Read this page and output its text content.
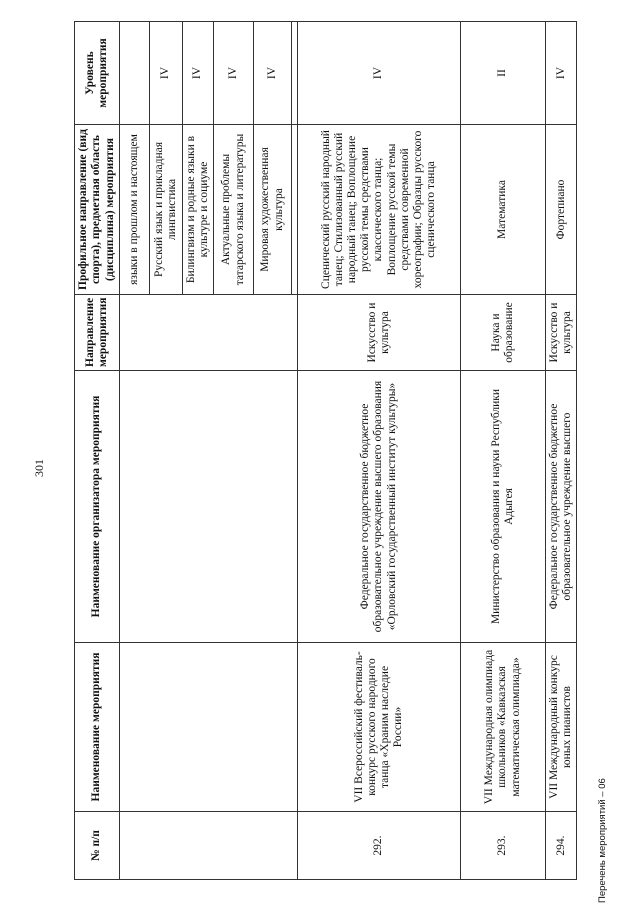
301
№ п/п	Наименование мероприятия	Наименование организатора мероприятия	Направление мероприятия	Профильное направление (вид спорта), предметная область (дисциплина) мероприятия	Уровень мероприятия
				языки в прошлом и настоящем	
				Русский язык и прикладная лингвистика	IV
				Билингвизм и родные языки в культуре и социуме	IV
				Актуальные проблемы татарского языка и литературы	IV
				Мировая художественная культура	IV

292.	VII Всероссийский фестиваль-конкурс русского народного танца «Храним наследие России»	Федеральное государственное бюджетное образовательное учреждение высшего образования «Орловский государственный институт культуры»	Искусство и культура	Сценический русский народный танец; Стилизованный русский народный танец; Воплощение русской темы средствами классического танца; Воплощение русской темы средствами современной хореографии; Образцы русского сценического танца	IV
293.	VII Международная олимпиада школьников «Кавказская математическая олимпиада»	Министерство образования и науки Республики Адыгея	Наука и образование	Математика	II
294.	VII Международный конкурс юных пианистов	Федеральное государственное бюджетное образовательное учреждение высшего	Искусство и культура	Фортепиано	IV
Перечень мероприятий – 06
